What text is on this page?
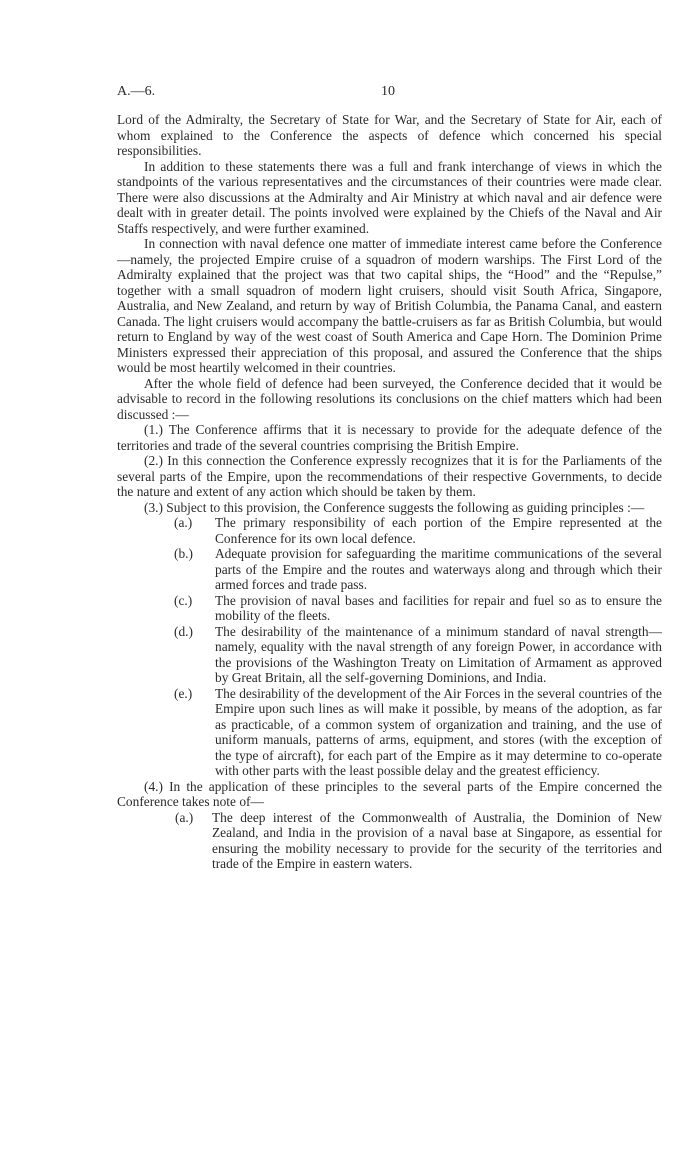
A.—6.	10

Lord of the Admiralty, the Secretary of State for War, and the Secretary of State for Air, each of whom explained to the Conference the aspects of defence which concerned his special responsibilities.

In addition to these statements there was a full and frank interchange of views in which the standpoints of the various representatives and the circumstances of their countries were made clear. There were also discussions at the Admiralty and Air Ministry at which naval and air defence were dealt with in greater detail. The points involved were explained by the Chiefs of the Naval and Air Staffs respectively, and were further examined.

In connection with naval defence one matter of immediate interest came before the Conference—namely, the projected Empire cruise of a squadron of modern warships. The First Lord of the Admiralty explained that the project was that two capital ships, the “Hood” and the “Repulse,” together with a small squadron of modern light cruisers, should visit South Africa, Singapore, Australia, and New Zealand, and return by way of British Columbia, the Panama Canal, and eastern Canada. The light cruisers would accompany the battle-cruisers as far as British Columbia, but would return to England by way of the west coast of South America and Cape Horn. The Dominion Prime Ministers expressed their appreciation of this proposal, and assured the Conference that the ships would be most heartily welcomed in their countries.

After the whole field of defence had been surveyed, the Conference decided that it would be advisable to record in the following resolutions its conclusions on the chief matters which had been discussed :—

(1.) The Conference affirms that it is necessary to provide for the adequate defence of the territories and trade of the several countries comprising the British Empire.

(2.) In this connection the Conference expressly recognizes that it is for the Parliaments of the several parts of the Empire, upon the recommendations of their respective Governments, to decide the nature and extent of any action which should be taken by them.

(3.) Subject to this provision, the Conference suggests the following as guiding principles :—

(a.) The primary responsibility of each portion of the Empire represented at the Conference for its own local defence.
(b.) Adequate provision for safeguarding the maritime communications of the several parts of the Empire and the routes and waterways along and through which their armed forces and trade pass.
(c.) The provision of naval bases and facilities for repair and fuel so as to ensure the mobility of the fleets.
(d.) The desirability of the maintenance of a minimum standard of naval strength—namely, equality with the naval strength of any foreign Power, in accordance with the provisions of the Washington Treaty on Limitation of Armament as approved by Great Britain, all the self-governing Dominions, and India.
(e.) The desirability of the development of the Air Forces in the several countries of the Empire upon such lines as will make it possible, by means of the adoption, as far as practicable, of a common system of organization and training, and the use of uniform manuals, patterns of arms, equipment, and stores (with the exception of the type of aircraft), for each part of the Empire as it may determine to co-operate with other parts with the least possible delay and the greatest efficiency.

(4.) In the application of these principles to the several parts of the Empire concerned the Conference takes note of—

(a.) The deep interest of the Commonwealth of Australia, the Dominion of New Zealand, and India in the provision of a naval base at Singapore, as essential for ensuring the mobility necessary to provide for the security of the territories and trade of the Empire in eastern waters.
